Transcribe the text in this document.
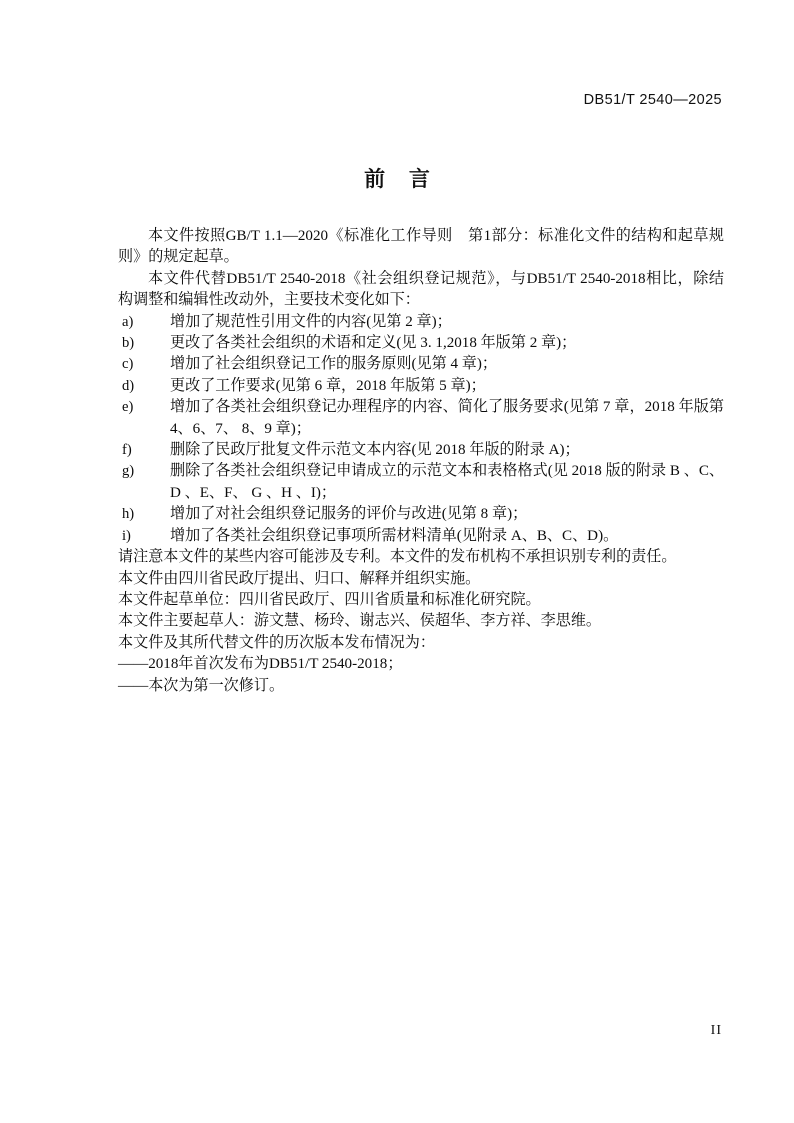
DB51/T 2540—2025
前 言

本文件按照GB/T 1.1—2020《标准化工作导则　第1部分：标准化文件的结构和起草规则》的规定起草。

本文件代替DB51/T 2540-2018《社会组织登记规范》，与DB51/T 2540-2018相比，除结构调整和编辑性改动外，主要技术变化如下：

a)	增加了规范性引用文件的内容(见第 2 章)；
b)	更改了各类社会组织的术语和定义(见 3. 1,2018 年版第 2 章)；
c)	增加了社会组织登记工作的服务原则(见第 4 章)；
d)	更改了工作要求(见第 6 章，2018 年版第 5 章)；
e)	增加了各类社会组织登记办理程序的内容、简化了服务要求(见第 7 章，2018 年版第 4、6、7、 8、9 章)；
f)	删除了民政厅批复文件示范文本内容(见 2018 年版的附录 A)；
g)	删除了各类社会组织登记申请成立的示范文本和表格格式(见 2018 版的附录 B 、C、D 、E、F、 G 、H 、I)；
h)	增加了对社会组织登记服务的评价与改进(见第 8 章)；
i)	增加了各类社会组织登记事项所需材料清单(见附录 A、B、C、D)。

请注意本文件的某些内容可能涉及专利。本文件的发布机构不承担识别专利的责任。

本文件由四川省民政厅提出、归口、解释并组织实施。

本文件起草单位：四川省民政厅、四川省质量和标准化研究院。

本文件主要起草人：游文慧、杨玲、谢志兴、侯超华、李方祥、李思维。

本文件及其所代替文件的历次版本发布情况为：

——2018年首次发布为DB51/T 2540-2018；

——本次为第一次修订。

II
